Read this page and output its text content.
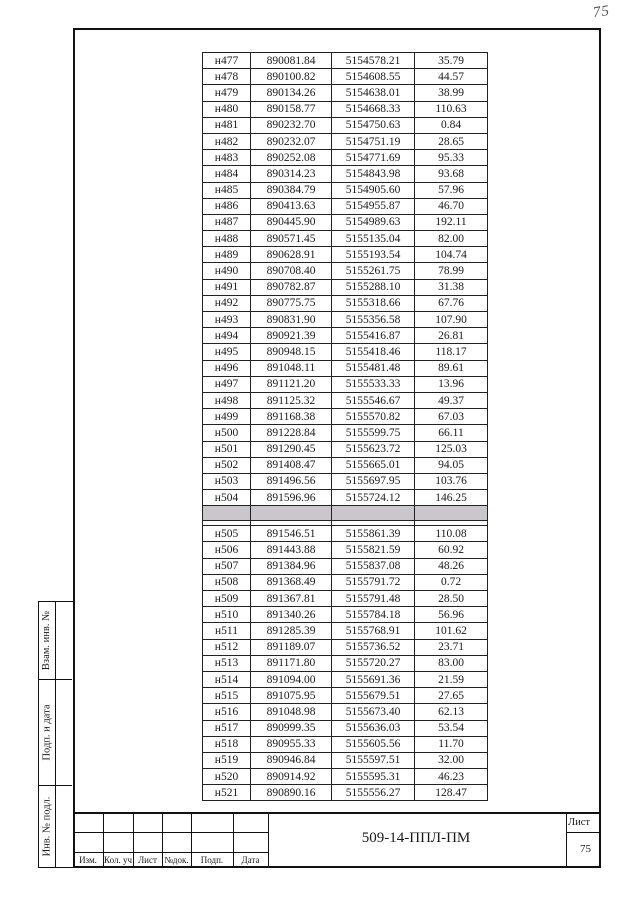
75
Взам. инв. №
Подп. и дата
Инв. № подл.
н477	890081.84	5154578.21	35.79
н478	890100.82	5154608.55	44.57
н479	890134.26	5154638.01	38.99
н480	890158.77	5154668.33	110.63
н481	890232.70	5154750.63	0.84
н482	890232.07	5154751.19	28.65
н483	890252.08	5154771.69	95.33
н484	890314.23	5154843.98	93.68
н485	890384.79	5154905.60	57.96
н486	890413.63	5154955.87	46.70
н487	890445.90	5154989.63	192.11
н488	890571.45	5155135.04	82.00
н489	890628.91	5155193.54	104.74
н490	890708.40	5155261.75	78.99
н491	890782.87	5155288.10	31.38
н492	890775.75	5155318.66	67.76
н493	890831.90	5155356.58	107.90
н494	890921.39	5155416.87	26.81
н495	890948.15	5155418.46	118.17
н496	891048.11	5155481.48	89.61
н497	891121.20	5155533.33	13.96
н498	891125.32	5155546.67	49.37
н499	891168.38	5155570.82	67.03
н500	891228.84	5155599.75	66.11
н501	891290.45	5155623.72	125.03
н502	891408.47	5155665.01	94.05
н503	891496.56	5155697.95	103.76
н504	891596.96	5155724.12	146.25

н505	891546.51	5155861.39	110.08
н506	891443.88	5155821.59	60.92
н507	891384.96	5155837.08	48.26
н508	891368.49	5155791.72	0.72
н509	891367.81	5155791.48	28.50
н510	891340.26	5155784.18	56.96
н511	891285.39	5155768.91	101.62
н512	891189.07	5155736.52	23.71
н513	891171.80	5155720.27	83.00
н514	891094.00	5155691.36	21.59
н515	891075.95	5155679.51	27.65
н516	891048.98	5155673.40	62.13
н517	890999.35	5155636.03	53.54
н518	890955.33	5155605.56	11.70
н519	890946.84	5155597.51	32.00
н520	890914.92	5155595.31	46.23
н521	890890.16	5155556.27	128.47
Изм. Кол. уч Лист №док.	Подп.	Дата
509-14-ППЛ-ПМ
Лист
75
